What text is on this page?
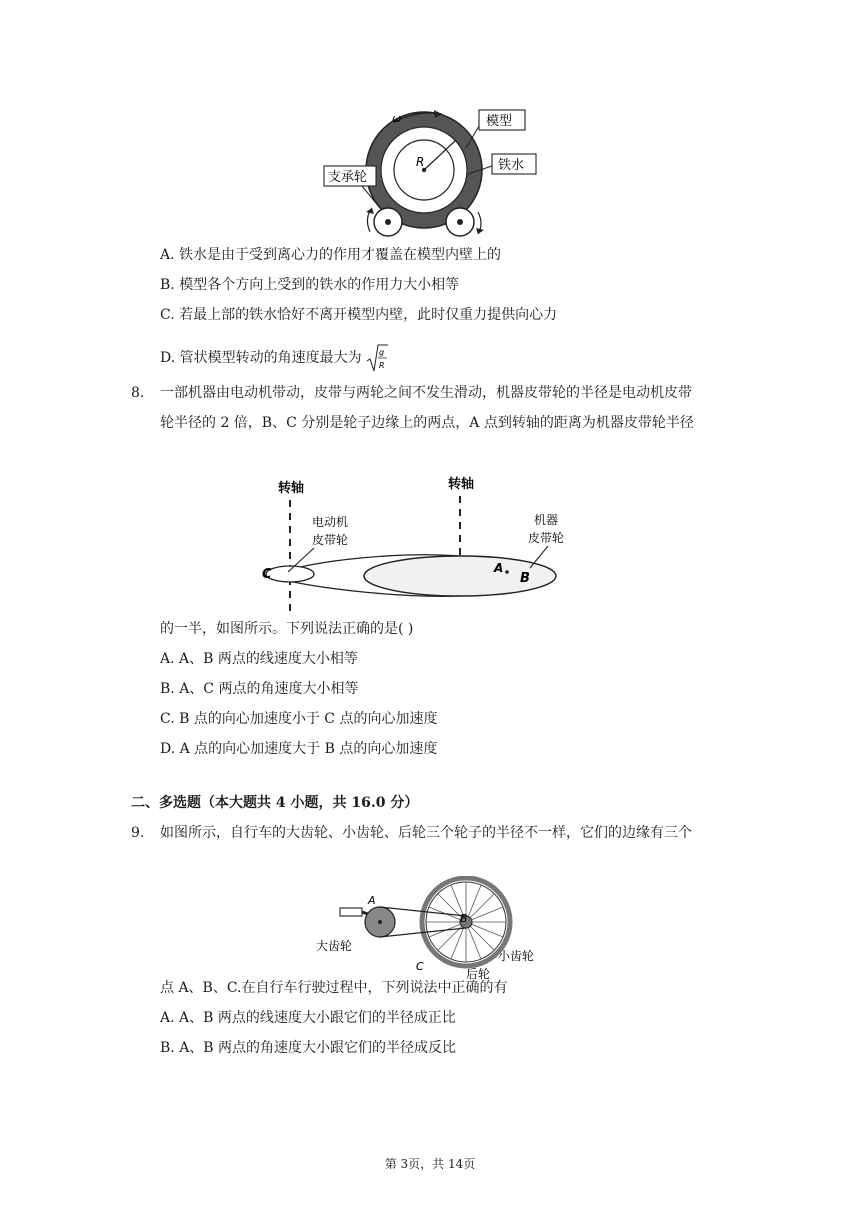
R
ω	模型
铁水
支承轮
A. 铁水是由于受到离心力的作用才覆盖在模型内壁上的
B. 模型各个方向上受到的铁水的作用力大小相等
C. 若最上部的铁水恰好不离开模型内壁，此时仅重力提供向心力
D. 管状模型转动的角速度最大为 g
R
8. 一部机器由电动机带动，皮带与两轮之间不发生滑动，机器皮带轮的半径是电动机皮带
轮半径的 2 倍，B、C 分别是轮子边缘上的两点，A 点到转轴的距离为机器皮带轮半径
转轴	转轴
电动机
皮带轮
机器
皮带轮
C	A
B
的一半，如图所示。下列说法正确的是( )
A. A、B 两点的线速度大小相等
B. A、C 两点的角速度大小相等
C. B 点的向心加速度小于 C 点的向心加速度
D. A 点的向心加速度大于 B 点的向心加速度
二、多选题（本大题共 4 小题，共 16.0 分）
9. 如图所示，自行车的大齿轮、小齿轮、后轮三个轮子的半径不一样，它们的边缘有三个
A
B
C
大齿轮
小齿轮
后轮
点 A、B、C.在自行车行驶过程中，下列说法中正确的有
A. A、B 两点的线速度大小跟它们的半径成正比
B. A、B 两点的角速度大小跟它们的半径成反比
第 3页，共 14页
